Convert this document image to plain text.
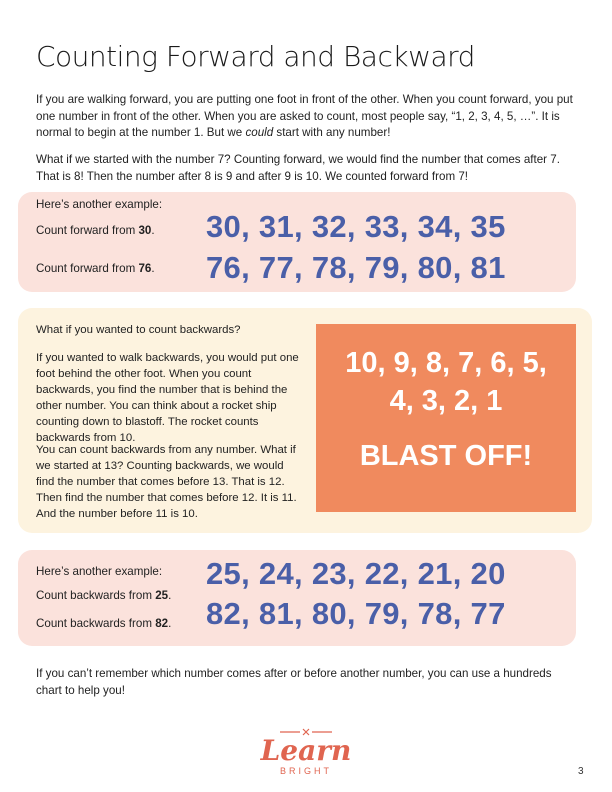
Counting Forward and Backward
If you are walking forward, you are putting one foot in front of the other. When you count forward, you put one number in front of the other. When you are asked to count, most people say, “1, 2, 3, 4, 5, …”. It is normal to begin at the number 1. But we could start with any number!
What if we started with the number 7? Counting forward, we would find the number that comes after 7. That is 8! Then the number after 8 is 9 and after 9 is 10. We counted forward from 7!
Here’s another example:
Count forward from 30. 30, 31, 32, 33, 34, 35
Count forward from 76. 76, 77, 78, 79, 80, 81
What if you wanted to count backwards?
If you wanted to walk backwards, you would put one foot behind the other foot. When you count backwards, you find the number that is behind the other number. You can think about a rocket ship counting down to blastoff. The rocket counts backwards from 10.
You can count backwards from any number. What if we started at 13? Counting backwards, we would find the number that comes before 13. That is 12. Then find the number that comes before 12. It is 11. And the number before 11 is 10.
10, 9, 8, 7, 6, 5,
4, 3, 2, 1
BLAST OFF!
Here’s another example:
Count backwards from 25.
25, 24, 23, 22, 21, 20
Count backwards from 82. 82, 81, 80, 79, 78, 77
If you can’t remember which number comes after or before another number, you can use a hundreds chart to help you!
Learn
BRIGHT	3
